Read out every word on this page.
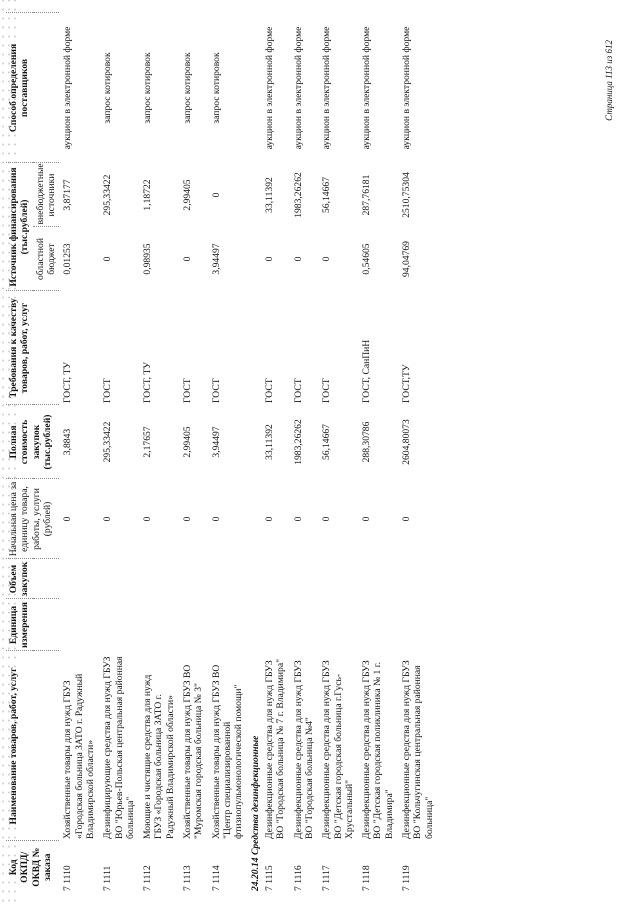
Код ОКПД/ ОКВД № заказа	Наименование товаров, работ, услуг	Единица измерения	Объем закупок	Начальная цена за единицу товара, работы, услуги (рублей)	Полная стоимость закупок (тыс.рублей)	Требования к качеству товаров, работ, услуг	Источник финансирования (тыс.рублей)		Способ определения поставщиков
							областной бюджет	внебюджетные источники	
7 1110	Хозяйственные товары для нужд ГБУЗ «Городская больница ЗАТО г. Радужный Владимирской области»			0	3,8843	ГОСТ, ТУ	0,01253	3,87177	аукцион в электронной форме
7 1111	Дезинфицирующие средства для нужд ГБУЗ ВО "Юрьев-Польская центральная районная больница"			0	295,33422	ГОСТ	0	295,33422	запрос котировок
7 1112	Моющие и чистящие средства для нужд ГБУЗ «Городская больница ЗАТО г. Радужный Владимирской области»			0	2,17657	ГОСТ, ТУ	0,98935	1,18722	запрос котировок
7 1113	Хозяйственные товары для нужд ГБУЗ ВО "Муромская городская больница № 3"			0	2,99405	ГОСТ	0	2,99405	запрос котировок
7 1114	Хозяйственные товары для нужд ГБУЗ ВО "Центр специализированной фтизиопульмонологической помощи"			0	3,94497	ГОСТ	3,94497	0	запрос котировок
24.20.14 Средства дезинфекционные									
7 1115	Дезинфекционные средства для нужд ГБУЗ ВО "Городская больница № 7 г. Владимира"			0	33,11392	ГОСТ	0	33,11392	аукцион в электронной форме
7 1116	Дезинфекционные средства для нужд ГБУЗ ВО "Городская больница №4"			0	1983,26262	ГОСТ	0	1983,26262	аукцион в электронной форме
7 1117	Дезинфекционные средства для нужд ГБУЗ ВО "Детская городская больница г.Гусь-Хрустальный"			0	56,14667	ГОСТ	0	56,14667	аукцион в электронной форме
7 1118	Дезинфекционные средства для нужд ГБУЗ ВО "Детская городская поликлиника № 1 г. Владимира"			0	288,30786	ГОСТ, СанПиН	0,54605	287,76181	аукцион в электронной форме
7 1119	Дезинфекционные средства для нужд ГБУЗ ВО "Кольчугинская центральная районная больница"			0	2604,80073	ГОСТ,ТУ	94,04769	2510,75304	аукцион в электронной форме	Страница 113 из 612
